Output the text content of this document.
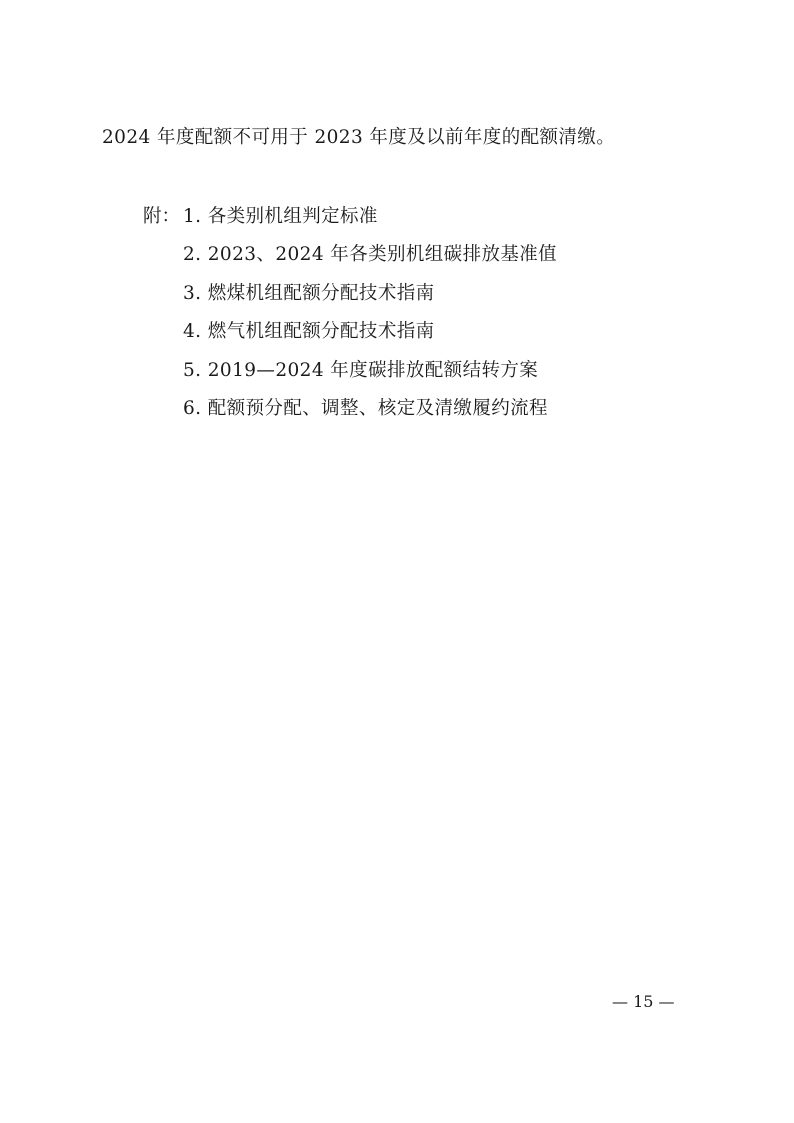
2024 年度配额不可用于 2023 年度及以前年度的配额清缴。

附： 1. 各类别机组判定标准
2. 2023、2024 年各类别机组碳排放基准值
3. 燃煤机组配额分配技术指南
4. 燃气机组配额分配技术指南
5. 2019—2024 年度碳排放配额结转方案
6. 配额预分配、调整、核定及清缴履约流程
— 15 —
